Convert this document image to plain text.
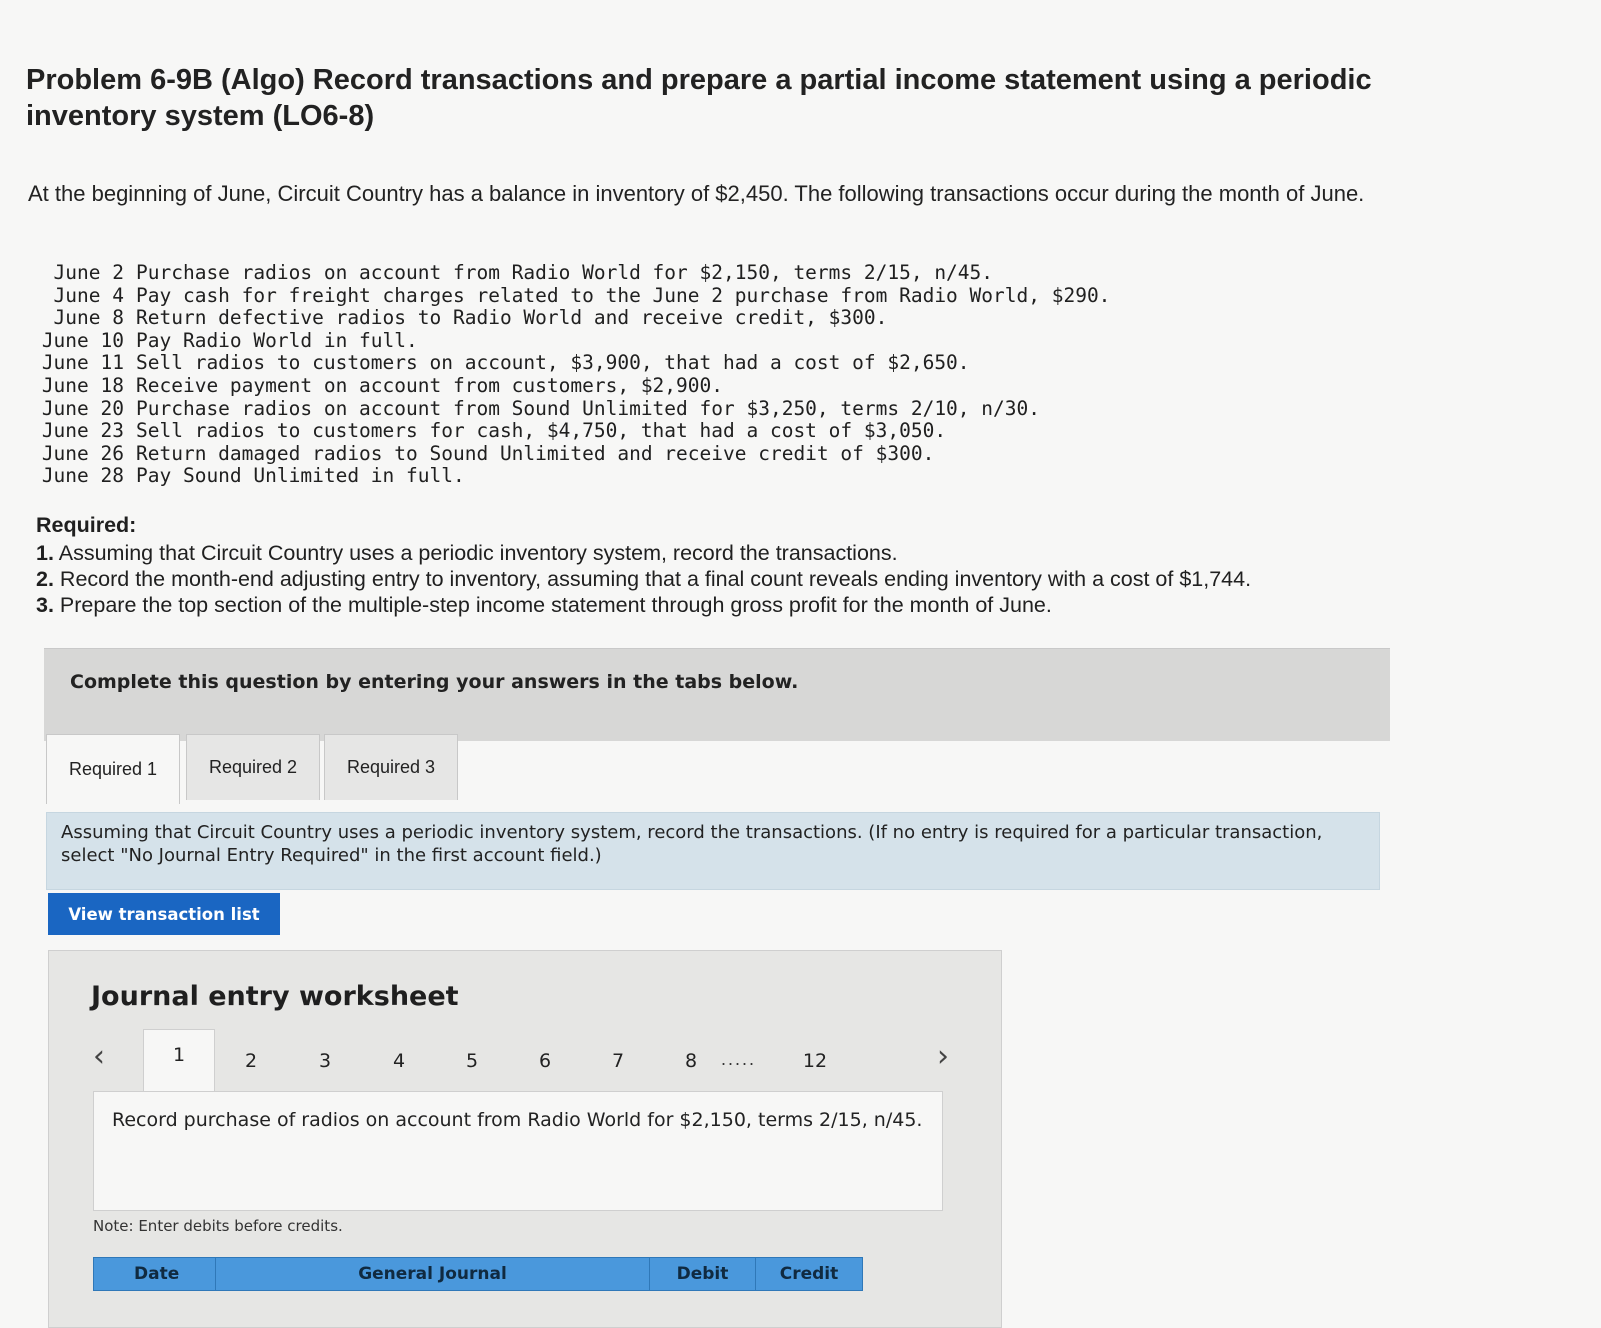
Problem 6-9B (Algo) Record transactions and prepare a partial income statement using a periodic inventory system (LO6-8)
At the beginning of June, Circuit Country has a balance in inventory of $2,450. The following transactions occur during the month of June.
June 2 Purchase radios on account from Radio World for $2,150, terms 2/15, n/45.
June 4 Pay cash for freight charges related to the June 2 purchase from Radio World, $290.
June 8 Return defective radios to Radio World and receive credit, $300.
June 10 Pay Radio World in full.
June 11 Sell radios to customers on account, $3,900, that had a cost of $2,650.
June 18 Receive payment on account from customers, $2,900.
June 20 Purchase radios on account from Sound Unlimited for $3,250, terms 2/10, n/30.
June 23 Sell radios to customers for cash, $4,750, that had a cost of $3,050.
June 26 Return damaged radios to Sound Unlimited and receive credit of $300.
June 28 Pay Sound Unlimited in full.
Required:
1. Assuming that Circuit Country uses a periodic inventory system, record the transactions.
2. Record the month-end adjusting entry to inventory, assuming that a final count reveals ending inventory with a cost of $1,744.
3. Prepare the top section of the multiple-step income statement through gross profit for the month of June.
Complete this question by entering your answers in the tabs below.
Required 1	Required 2	Required 3
Assuming that Circuit Country uses a periodic inventory system, record the transactions. (If no entry is required for a particular transaction, select "No Journal Entry Required" in the first account field.)
View transaction list
Journal entry worksheet
‹	1	2	3	4	5	6	7	8	.....	12	›
Record purchase of radios on account from Radio World for $2,150, terms 2/15, n/45.
Note: Enter debits before credits.
Date	General Journal	Debit	Credit
